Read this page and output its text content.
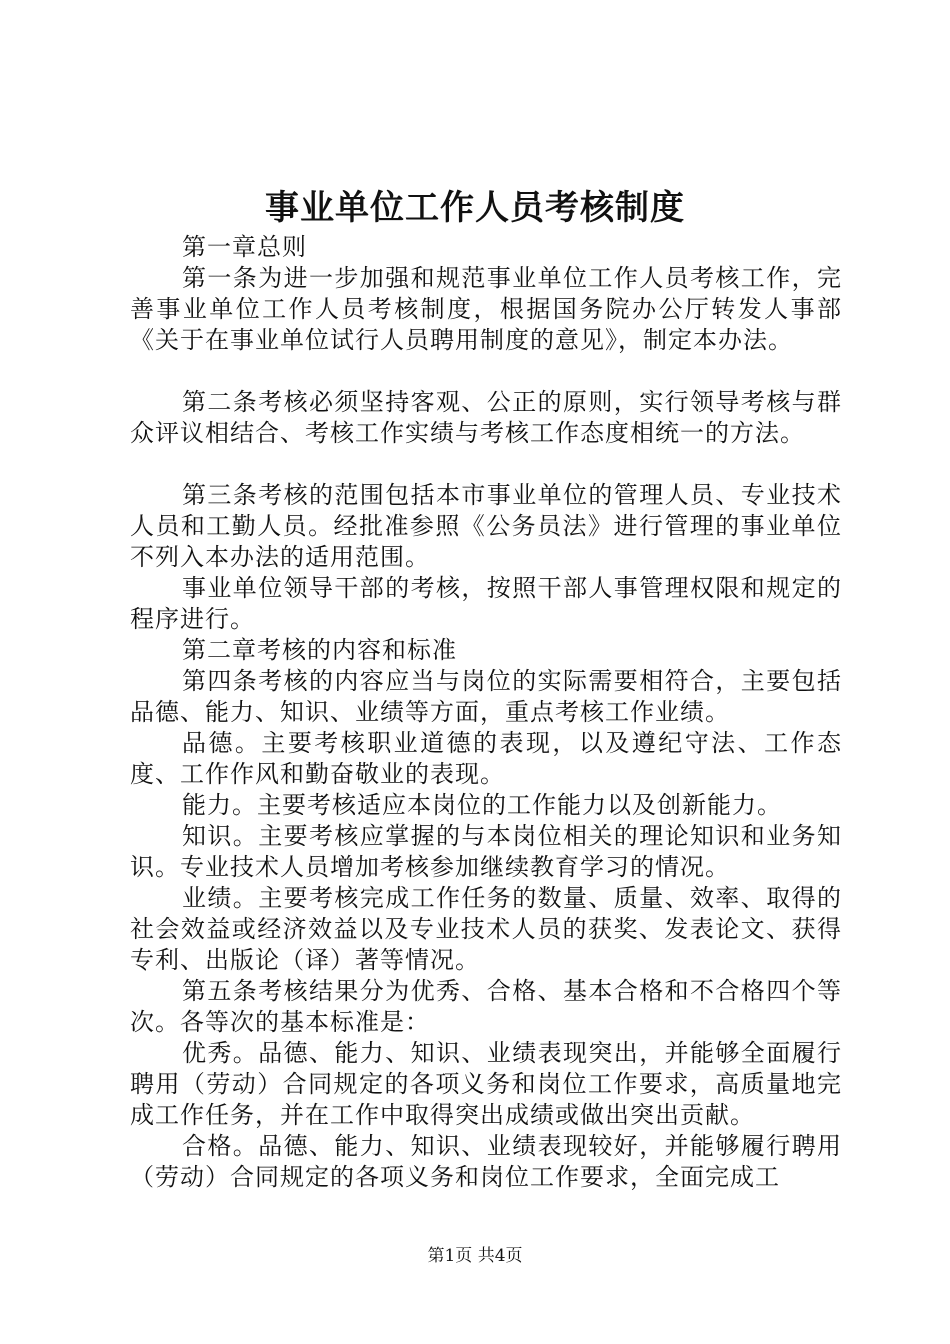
事业单位工作人员考核制度

第一章总则

第一条为进一步加强和规范事业单位工作人员考核工作，完善事业单位工作人员考核制度，根据国务院办公厅转发人事部《关于在事业单位试行人员聘用制度的意见》，制定本办法。

第二条考核必须坚持客观、公正的原则，实行领导考核与群众评议相结合、考核工作实绩与考核工作态度相统一的方法。

第三条考核的范围包括本市事业单位的管理人员、专业技术人员和工勤人员。经批准参照《公务员法》进行管理的事业单位不列入本办法的适用范围。

事业单位领导干部的考核，按照干部人事管理权限和规定的程序进行。

第二章考核的内容和标准

第四条考核的内容应当与岗位的实际需要相符合，主要包括品德、能力、知识、业绩等方面，重点考核工作业绩。

品德。主要考核职业道德的表现，以及遵纪守法、工作态度、工作作风和勤奋敬业的表现。

能力。主要考核适应本岗位的工作能力以及创新能力。

知识。主要考核应掌握的与本岗位相关的理论知识和业务知识。专业技术人员增加考核参加继续教育学习的情况。

业绩。主要考核完成工作任务的数量、质量、效率、取得的社会效益或经济效益以及专业技术人员的获奖、发表论文、获得专利、出版论（译）著等情况。

第五条考核结果分为优秀、合格、基本合格和不合格四个等次。各等次的基本标准是：

优秀。品德、能力、知识、业绩表现突出，并能够全面履行聘用（劳动）合同规定的各项义务和岗位工作要求，高质量地完成工作任务，并在工作中取得突出成绩或做出突出贡献。

合格。品德、能力、知识、业绩表现较好，并能够履行聘用（劳动）合同规定的各项义务和岗位工作要求，全面完成工

第1页 共4页
